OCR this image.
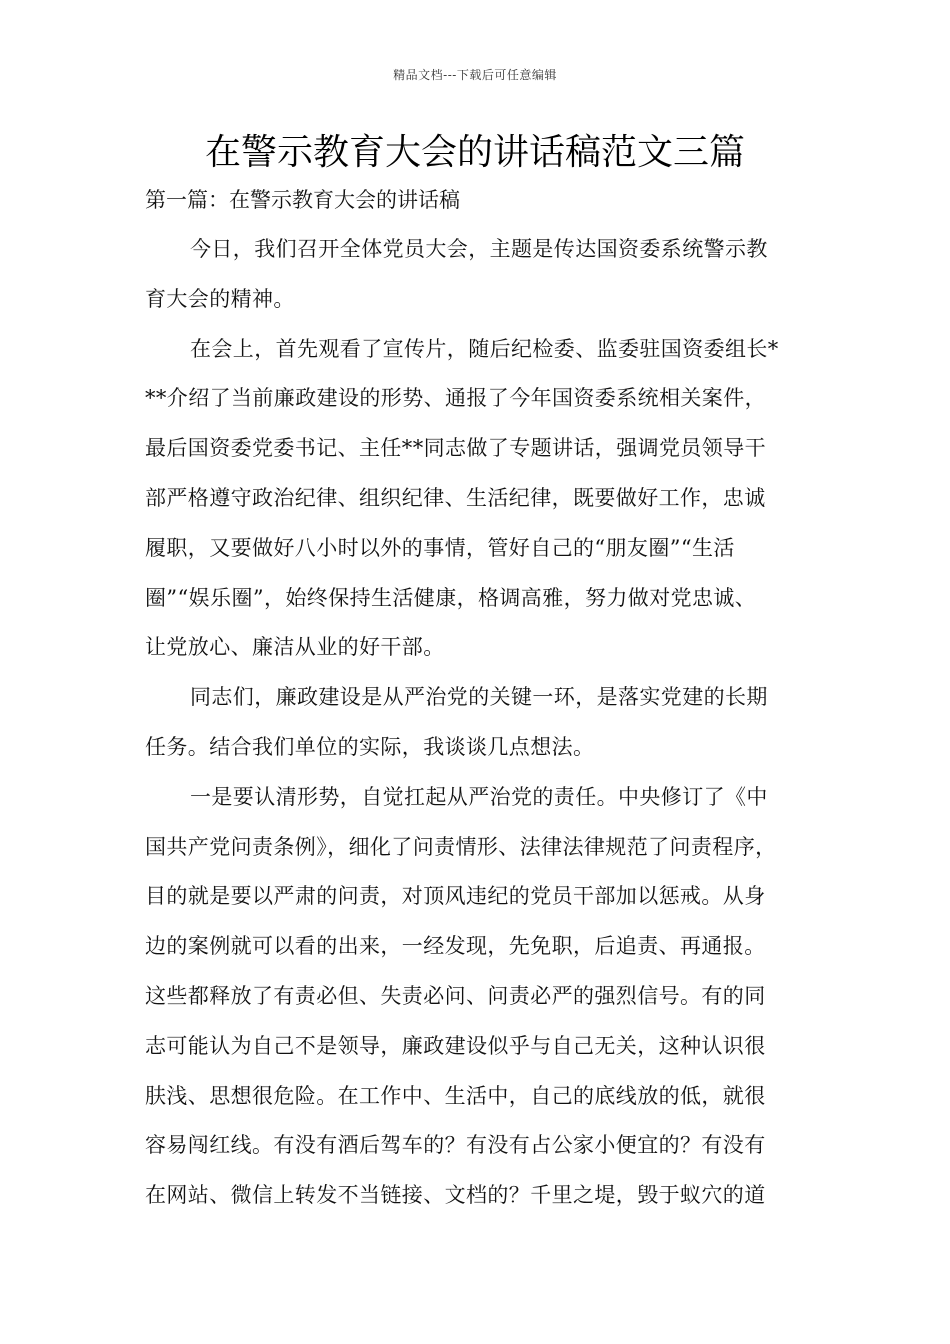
精品文档---下载后可任意编辑
在警示教育大会的讲话稿范文三篇
第一篇：在警示教育大会的讲话稿
今日，我们召开全体党员大会，主题是传达国资委系统警示教
育大会的精神。
在会上，首先观看了宣传片，随后纪检委、监委驻国资委组长*
**介绍了当前廉政建设的形势、通报了今年国资委系统相关案件，
最后国资委党委书记、主任**同志做了专题讲话，强调党员领导干
部严格遵守政治纪律、组织纪律、生活纪律，既要做好工作，忠诚
履职，又要做好八小时以外的事情，管好自己的“朋友圈”“生活
圈”“娱乐圈”，始终保持生活健康，格调高雅，努力做对党忠诚、
让党放心、廉洁从业的好干部。
同志们，廉政建设是从严治党的关键一环，是落实党建的长期
任务。结合我们单位的实际，我谈谈几点想法。
一是要认清形势，自觉扛起从严治党的责任。中央修订了《中
国共产党问责条例》，细化了问责情形、法律法律规范了问责程序，
目的就是要以严肃的问责，对顶风违纪的党员干部加以惩戒。从身
边的案例就可以看的出来，一经发现，先免职，后追责、再通报。
这些都释放了有责必但、失责必问、问责必严的强烈信号。有的同
志可能认为自己不是领导，廉政建设似乎与自己无关，这种认识很
肤浅、思想很危险。在工作中、生活中，自己的底线放的低，就很
容易闯红线。有没有酒后驾车的？有没有占公家小便宜的？有没有
在网站、微信上转发不当链接、文档的？千里之堤，毁于蚁穴的道
